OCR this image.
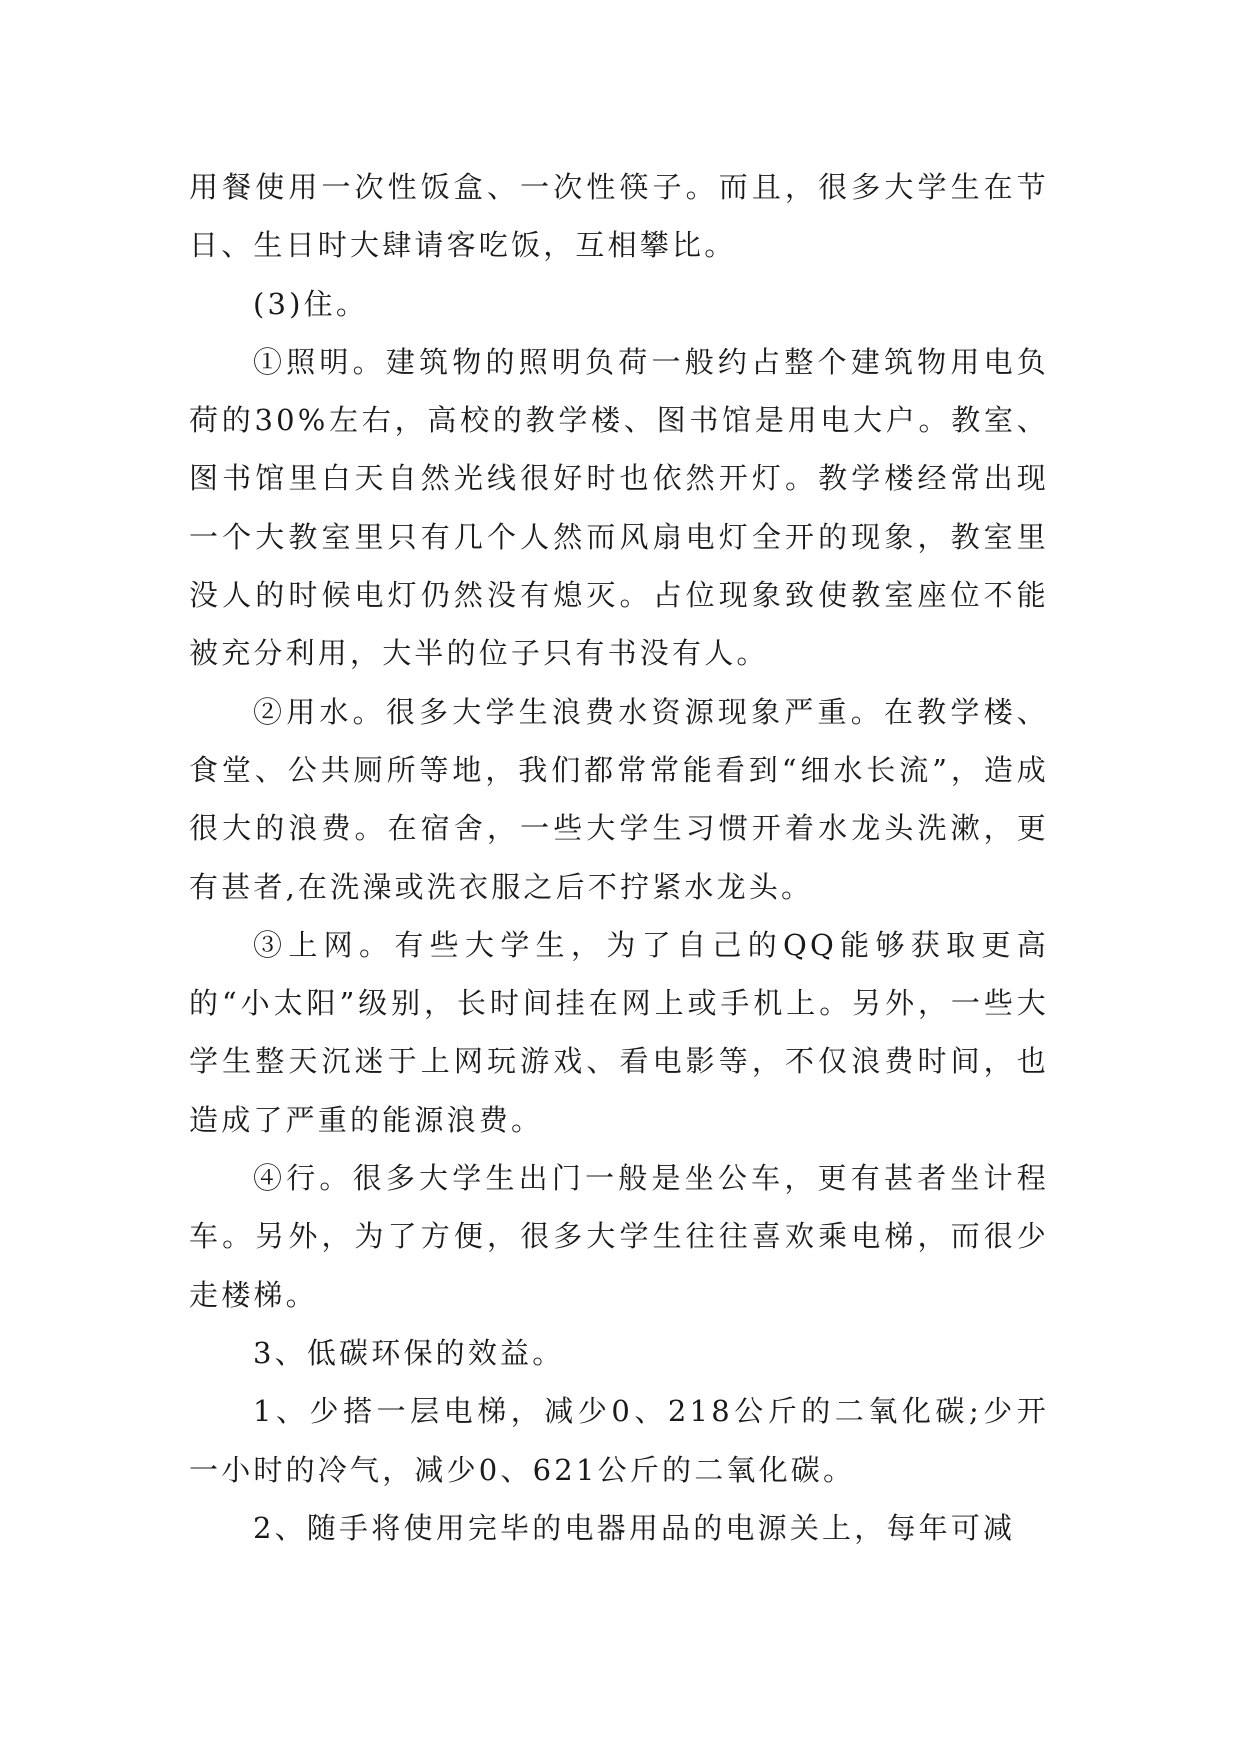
用餐使用一次性饭盒、一次性筷子。而且，很多大学生在节日、生日时大肆请客吃饭，互相攀比。

(3)住。

①照明。建筑物的照明负荷一般约占整个建筑物用电负荷的30%左右，高校的教学楼、图书馆是用电大户。教室、图书馆里白天自然光线很好时也依然开灯。教学楼经常出现一个大教室里只有几个人然而风扇电灯全开的现象，教室里没人的时候电灯仍然没有熄灭。占位现象致使教室座位不能被充分利用，大半的位子只有书没有人。

②用水。很多大学生浪费水资源现象严重。在教学楼、食堂、公共厕所等地，我们都常常能看到“细水长流”，造成很大的浪费。在宿舍，一些大学生习惯开着水龙头洗漱，更有甚者,在洗澡或洗衣服之后不拧紧水龙头。

③上网。有些大学生，为了自己的QQ能够获取更高的“小太阳”级别，长时间挂在网上或手机上。另外，一些大学生整天沉迷于上网玩游戏、看电影等，不仅浪费时间，也造成了严重的能源浪费。

④行。很多大学生出门一般是坐公车，更有甚者坐计程车。另外，为了方便，很多大学生往往喜欢乘电梯，而很少走楼梯。

3、低碳环保的效益。

1、少搭一层电梯，减少0、218公斤的二氧化碳;少开一小时的冷气，减少0、621公斤的二氧化碳。

2、随手将使用完毕的电器用品的电源关上，每年可减
